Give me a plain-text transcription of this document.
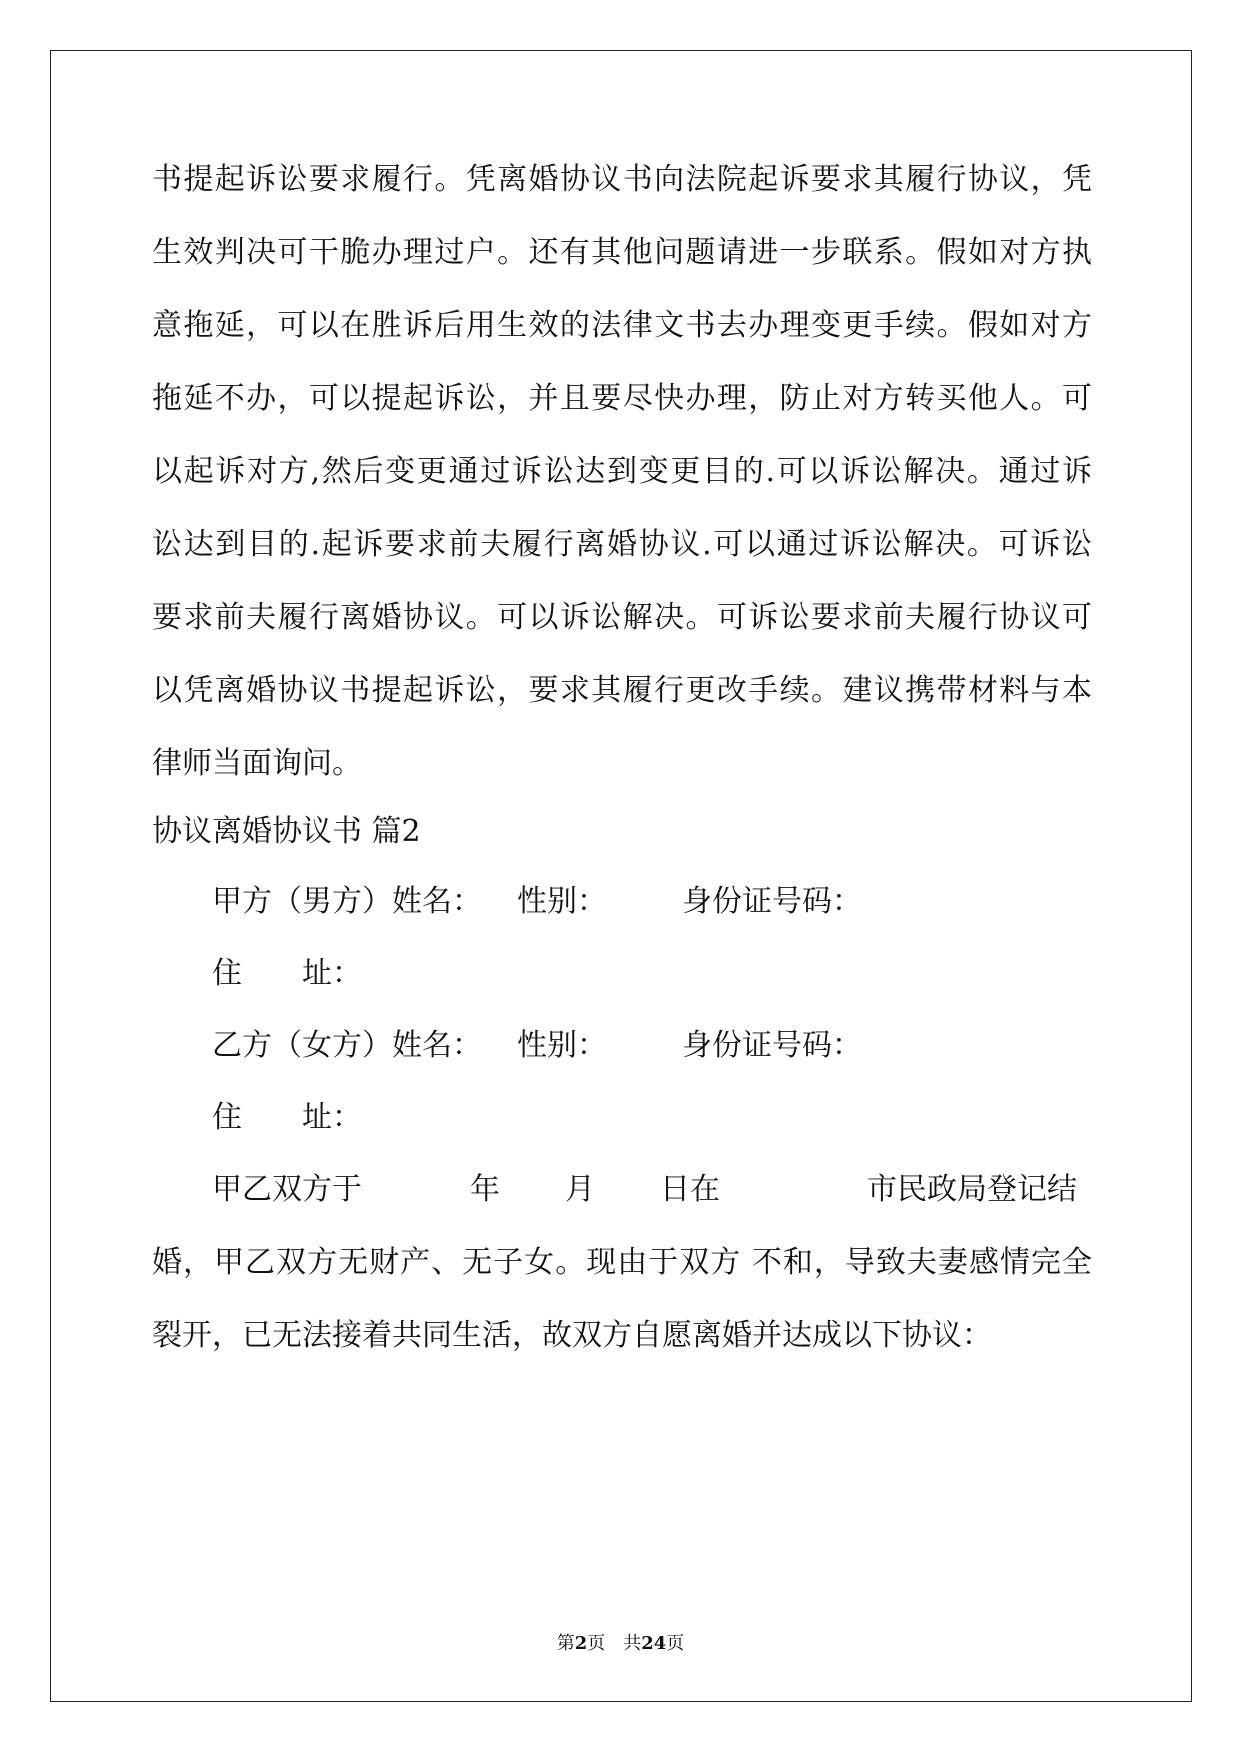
书提起诉讼要求履行。凭离婚协议书向法院起诉要求其履行协议，凭
生效判决可干脆办理过户。还有其他问题请进一步联系。假如对方执
意拖延，可以在胜诉后用生效的法律文书去办理变更手续。假如对方
拖延不办，可以提起诉讼，并且要尽快办理，防止对方转买他人。可
以起诉对方,然后变更通过诉讼达到变更目的.可以诉讼解决。通过诉
讼达到目的.起诉要求前夫履行离婚协议.可以通过诉讼解决。可诉讼
要求前夫履行离婚协议。可以诉讼解决。可诉讼要求前夫履行协议可
以凭离婚协议书提起诉讼，要求其履行更改手续。建议携带材料与本
律师当面询问。
协议离婚协议书 篇2
甲方（男方）姓名： 性别：	身份证号码：
住　　址：
乙方（女方）姓名： 性别：	身份证号码：
住　　址：
甲乙双方于	年 月 日在	市民政局登记结
婚，甲乙双方无财产、无子女。现由于双方 不和，导致夫妻感情完全
裂开，已无法接着共同生活，故双方自愿离婚并达成以下协议：
第2页　共24页
